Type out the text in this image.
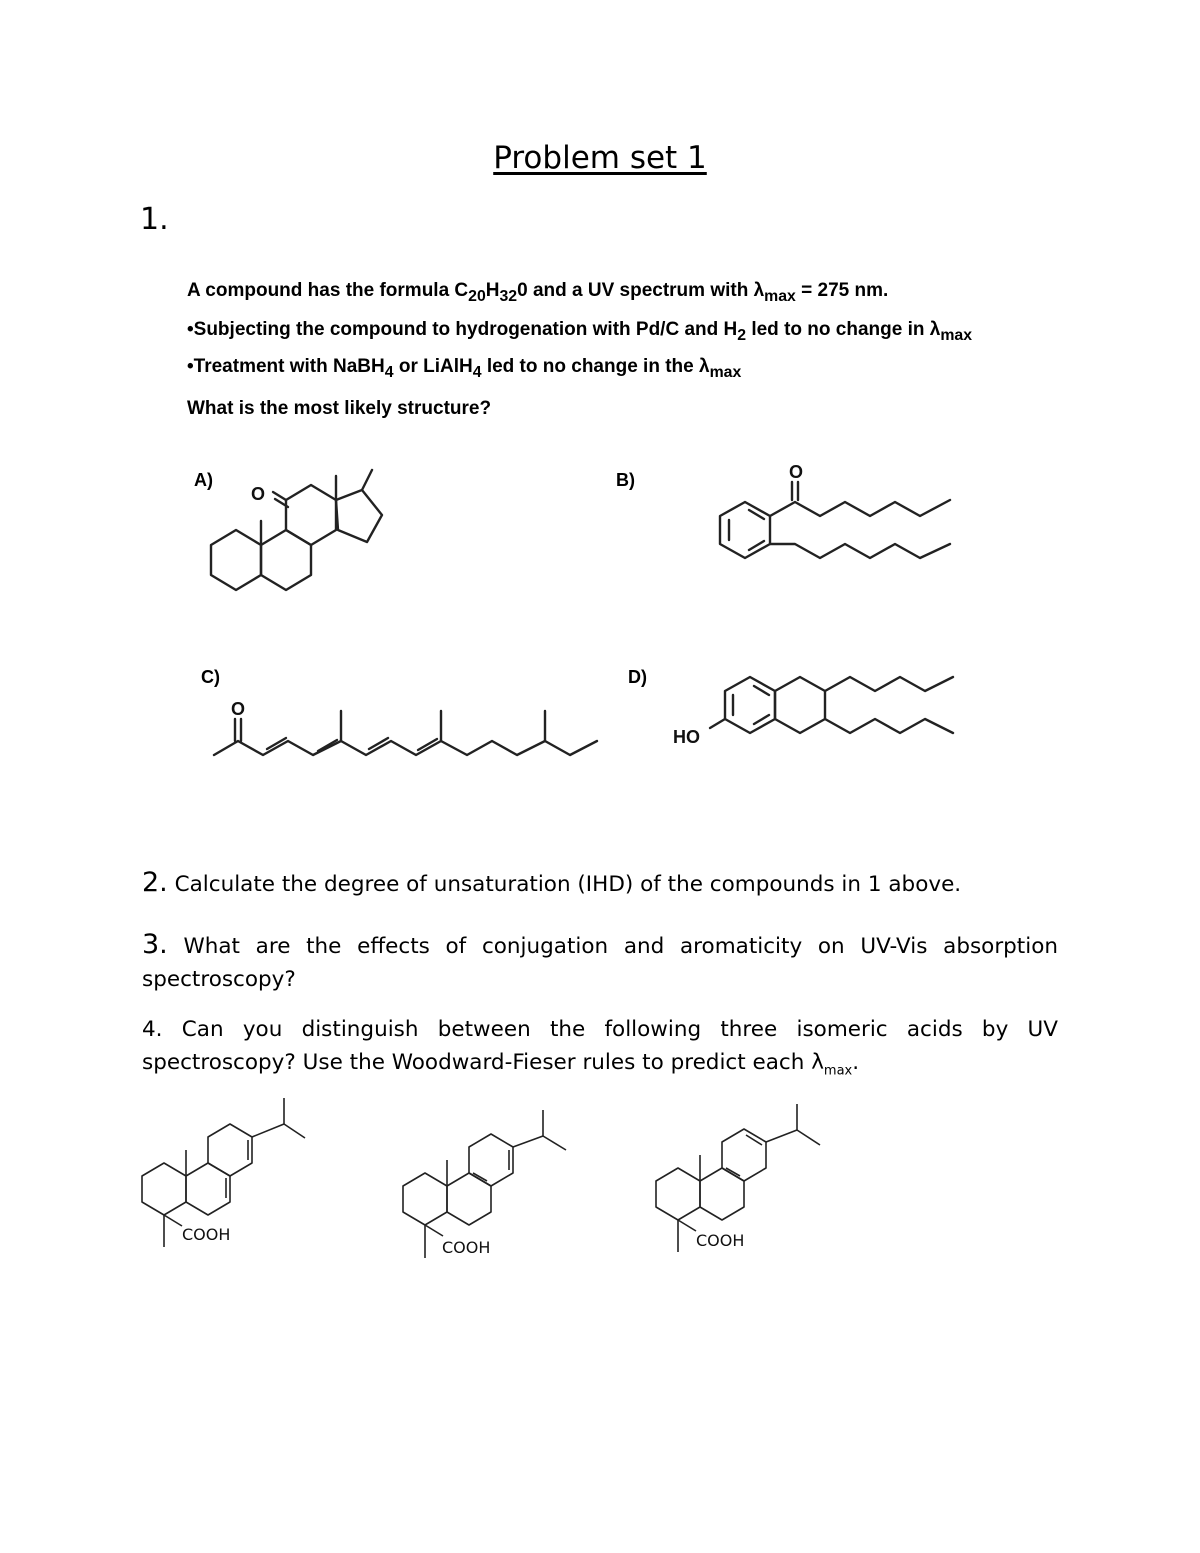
Problem set 1
1.
A compound has the formula $C_{20}H_{32}0$ and a UV spectrum with $\lambda_{max} = 275$ nm.
•Subjecting the compound to hydrogenation with Pd/C and $H_2$ led to no change in $\lambda_{max}$
•Treatment with NaBH$_4$ or LiAlH$_4$ led to no change in the $\lambda_{max}$
What is the most likely structure?
A)	B)
C)	D)
O
O
O
HO
2. Calculate the degree of unsaturation (IHD) of the compounds in 1 above.
3. What are the effects of conjugation and aromaticity on UV-Vis absorption spectroscopy?
4. Can you distinguish between the following three isomeric acids by UV spectroscopy? Use the Woodward-Fieser rules to predict each $\lambda_{max}$.
COOH
COOH	COOH
